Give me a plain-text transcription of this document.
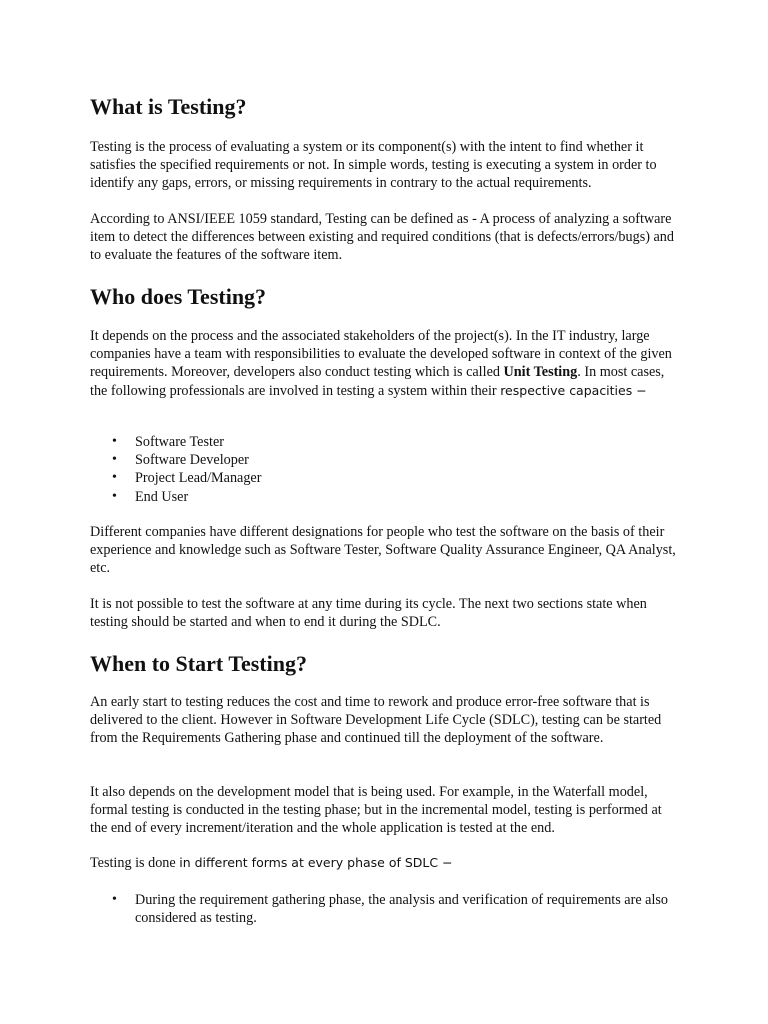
What is Testing?

Testing is the process of evaluating a system or its component(s) with the intent to find whether it satisfies the specified requirements or not. In simple words, testing is executing a system in order to identify any gaps, errors, or missing requirements in contrary to the actual requirements.

According to ANSI/IEEE 1059 standard, Testing can be defined as - A process of analyzing a software item to detect the differences between existing and required conditions (that is defects/errors/bugs) and to evaluate the features of the software item.

Who does Testing?

It depends on the process and the associated stakeholders of the project(s). In the IT industry, large companies have a team with responsibilities to evaluate the developed software in context of the given requirements. Moreover, developers also conduct testing which is called Unit Testing. In most cases, the following professionals are involved in testing a system within their respective capacities −

• Software Tester
• Software Developer
• Project Lead/Manager
• End User

Different companies have different designations for people who test the software on the basis of their experience and knowledge such as Software Tester, Software Quality Assurance Engineer, QA Analyst, etc.

It is not possible to test the software at any time during its cycle. The next two sections state when testing should be started and when to end it during the SDLC.

When to Start Testing?

An early start to testing reduces the cost and time to rework and produce error-free software that is delivered to the client. However in Software Development Life Cycle (SDLC), testing can be started from the Requirements Gathering phase and continued till the deployment of the software.

It also depends on the development model that is being used. For example, in the Waterfall model, formal testing is conducted in the testing phase; but in the incremental model, testing is performed at the end of every increment/iteration and the whole application is tested at the end.

Testing is done in different forms at every phase of SDLC −

• During the requirement gathering phase, the analysis and verification of requirements are also considered as testing.
